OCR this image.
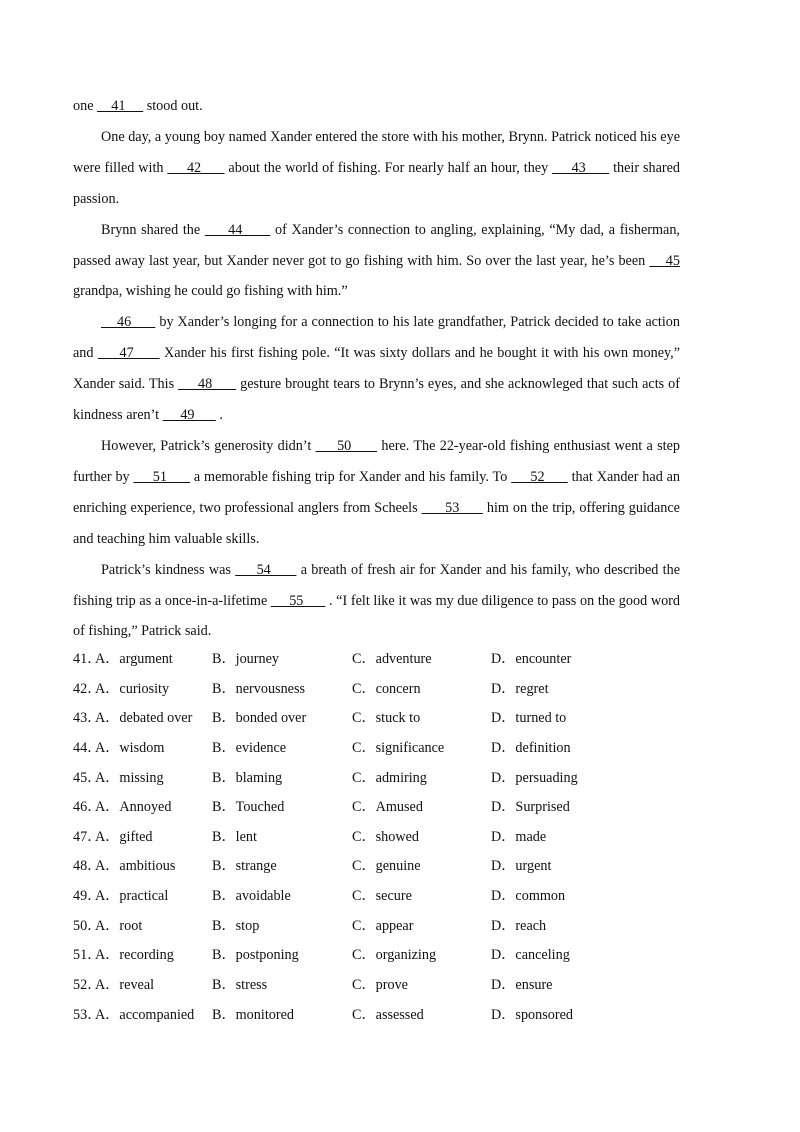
one     41      stood out.

One day, a young boy named Xander entered the store with his mother, Brynn. Patrick noticed his eye were filled with      42       about the world of fishing. For nearly half an hour, they      43       their shared passion.

Brynn shared the      44       of Xander’s connection to angling, explaining, “My dad, a fisherman, passed away last year, but Xander never got to go fishing with him. So over the last year, he’s been     45 grandpa, wishing he could go fishing with him.”

46       by Xander’s longing for a connection to his late grandfather, Patrick decided to take action and      47       Xander his first fishing pole. “It was sixty dollars and he bought it with his own money,” Xander said. This      48       gesture brought tears to Brynn’s eyes, and she acknowleged that such acts of kindness aren’t      49       .

However, Patrick’s generosity didn’t      50       here. The 22-year-old fishing enthusiast went a step further by      51       a memorable fishing trip for Xander and his family. To      52       that Xander had an enriching experience, two professional anglers from Scheels       53       him on the trip, offering guidance and teaching him valuable skills.

Patrick’s kindness was      54       a breath of fresh air for Xander and his family, who described the fishing trip as a once-in-a-lifetime      55       . “I felt like it was my due diligence to pass on the good word of fishing,” Patrick said.

41．
A．argument	B．journey	C．adventure	D．encounter
42．
A．curiosity	B．nervousness	C．concern	D．regret
43．
A．debated over B．bonded over	C．stuck to	D．turned to
44．
A．wisdom	B．evidence	C．significance	D．definition
45．
A．missing	B．blaming	C．admiring	D．persuading
46．
A．Annoyed	B．Touched	C．Amused	D．Surprised
47．
A．gifted	B．lent	C．showed	D．made
48．
A．ambitious	B．strange	C．genuine	D．urgent
49．
A．practical	B．avoidable	C．secure	D．common
50．
A．root	B．stop	C．appear	D．reach
51．
A．recording	B．postponing	C．organizing	D．canceling
52．
A．reveal	B．stress	C．prove	D．ensure
53．
A．accompanied B．monitored	C．assessed	D．sponsored
